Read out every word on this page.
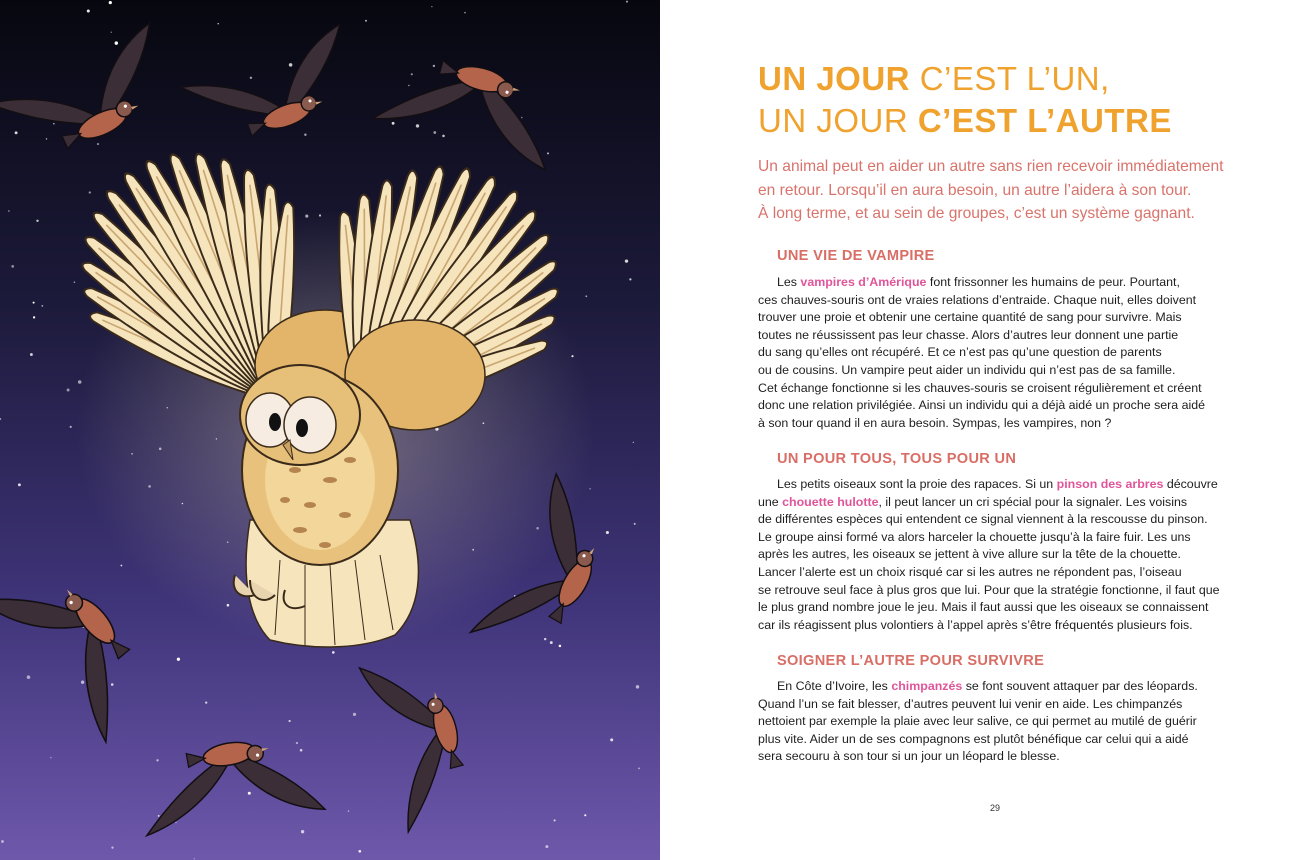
UN JOUR C’EST L’UN,
UN JOUR C’EST L’AUTRE

Un animal peut en aider un autre sans rien recevoir immédiatement
en retour. Lorsqu’il en aura besoin, un autre l’aidera à son tour.
À long terme, et au sein de groupes, c’est un système gagnant.

UNE VIE DE VAMPIRE
Les vampires d’Amérique font frissonner les humains de peur. Pourtant,
ces chauves-souris ont de vraies relations d’entraide. Chaque nuit, elles doivent
trouver une proie et obtenir une certaine quantité de sang pour survivre. Mais
toutes ne réussissent pas leur chasse. Alors d’autres leur donnent une partie
du sang qu’elles ont récupéré. Et ce n’est pas qu’une question de parents
ou de cousins. Un vampire peut aider un individu qui n’est pas de sa famille.
Cet échange fonctionne si les chauves-souris se croisent régulièrement et créent
donc une relation privilégiée. Ainsi un individu qui a déjà aidé un proche sera aidé
à son tour quand il en aura besoin. Sympas, les vampires, non ?
UN POUR TOUS, TOUS POUR UN
Les petits oiseaux sont la proie des rapaces. Si un pinson des arbres découvre
une chouette hulotte, il peut lancer un cri spécial pour la signaler. Les voisins
de différentes espèces qui entendent ce signal viennent à la rescousse du pinson.
Le groupe ainsi formé va alors harceler la chouette jusqu’à la faire fuir. Les uns
après les autres, les oiseaux se jettent à vive allure sur la tête de la chouette.
Lancer l’alerte est un choix risqué car si les autres ne répondent pas, l’oiseau
se retrouve seul face à plus gros que lui. Pour que la stratégie fonctionne, il faut que
le plus grand nombre joue le jeu. Mais il faut aussi que les oiseaux se connaissent
car ils réagissent plus volontiers à l’appel après s’être fréquentés plusieurs fois.
SOIGNER L’AUTRE POUR SURVIVRE
En Côte d’Ivoire, les chimpanzés se font souvent attaquer par des léopards.
Quand l’un se fait blesser, d’autres peuvent lui venir en aide. Les chimpanzés
nettoient par exemple la plaie avec leur salive, ce qui permet au mutilé de guérir
plus vite. Aider un de ses compagnons est plutôt bénéfique car celui qui a aidé
sera secouru à son tour si un jour un léopard le blesse.
29
